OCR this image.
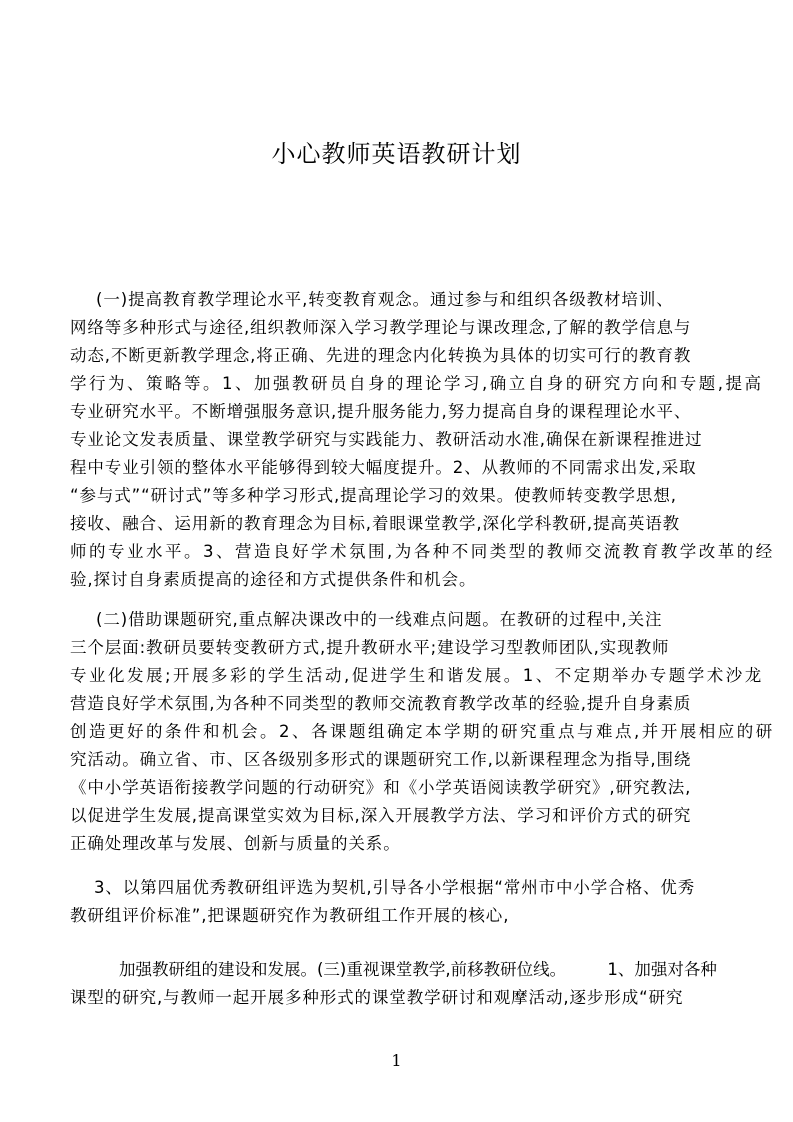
小心教师英语教研计划
(一)提高教育教学理论水平,转变教育观念。通过参与和组织各级教材培训、
网络等多种形式与途径,组织教师深入学习教学理论与课改理念,了解的教学信息与
动态,不断更新教学理念,将正确、先进的理念内化转换为具体的切实可行的教育教
学行为、策略等。1、加强教研员自身的理论学习,确立自身的研究方向和专题,提高
专业研究水平。不断增强服务意识,提升服务能力,努力提高自身的课程理论水平、
专业论文发表质量、课堂教学研究与实践能力、教研活动水准,确保在新课程推进过
程中专业引领的整体水平能够得到较大幅度提升。2、从教师的不同需求出发,采取
“参与式”“研讨式”等多种学习形式,提高理论学习的效果。使教师转变教学思想,
接收、融合、运用新的教育理念为目标,着眼课堂教学,深化学科教研,提高英语教
师的专业水平。3、营造良好学术氛围,为各种不同类型的教师交流教育教学改革的经
验,探讨自身素质提高的途径和方式提供条件和机会。
(二)借助课题研究,重点解决课改中的一线难点问题。在教研的过程中,关注
三个层面:教研员要转变教研方式,提升教研水平;建设学习型教师团队,实现教师
专业化发展;开展多彩的学生活动,促进学生和谐发展。1、不定期举办专题学术沙龙
营造良好学术氛围,为各种不同类型的教师交流教育教学改革的经验,提升自身素质
创造更好的条件和机会。2、各课题组确定本学期的研究重点与难点,并开展相应的研
究活动。确立省、市、区各级别多形式的课题研究工作,以新课程理念为指导,围绕
《中小学英语衔接教学问题的行动研究》和《小学英语阅读教学研究》,研究教法,
以促进学生发展,提高课堂实效为目标,深入开展教学方法、学习和评价方式的研究
正确处理改革与发展、创新与质量的关系。
3、以第四届优秀教研组评选为契机,引导各小学根据“常州市中小学合格、优秀
教研组评价标准”,把课题研究作为教研组工作开展的核心,
加强教研组的建设和发展。(三)重视课堂教学,前移教研位线。　　　1、加强对各种
课型的研究,与教师一起开展多种形式的课堂教学研讨和观摩活动,逐步形成“研究
1
